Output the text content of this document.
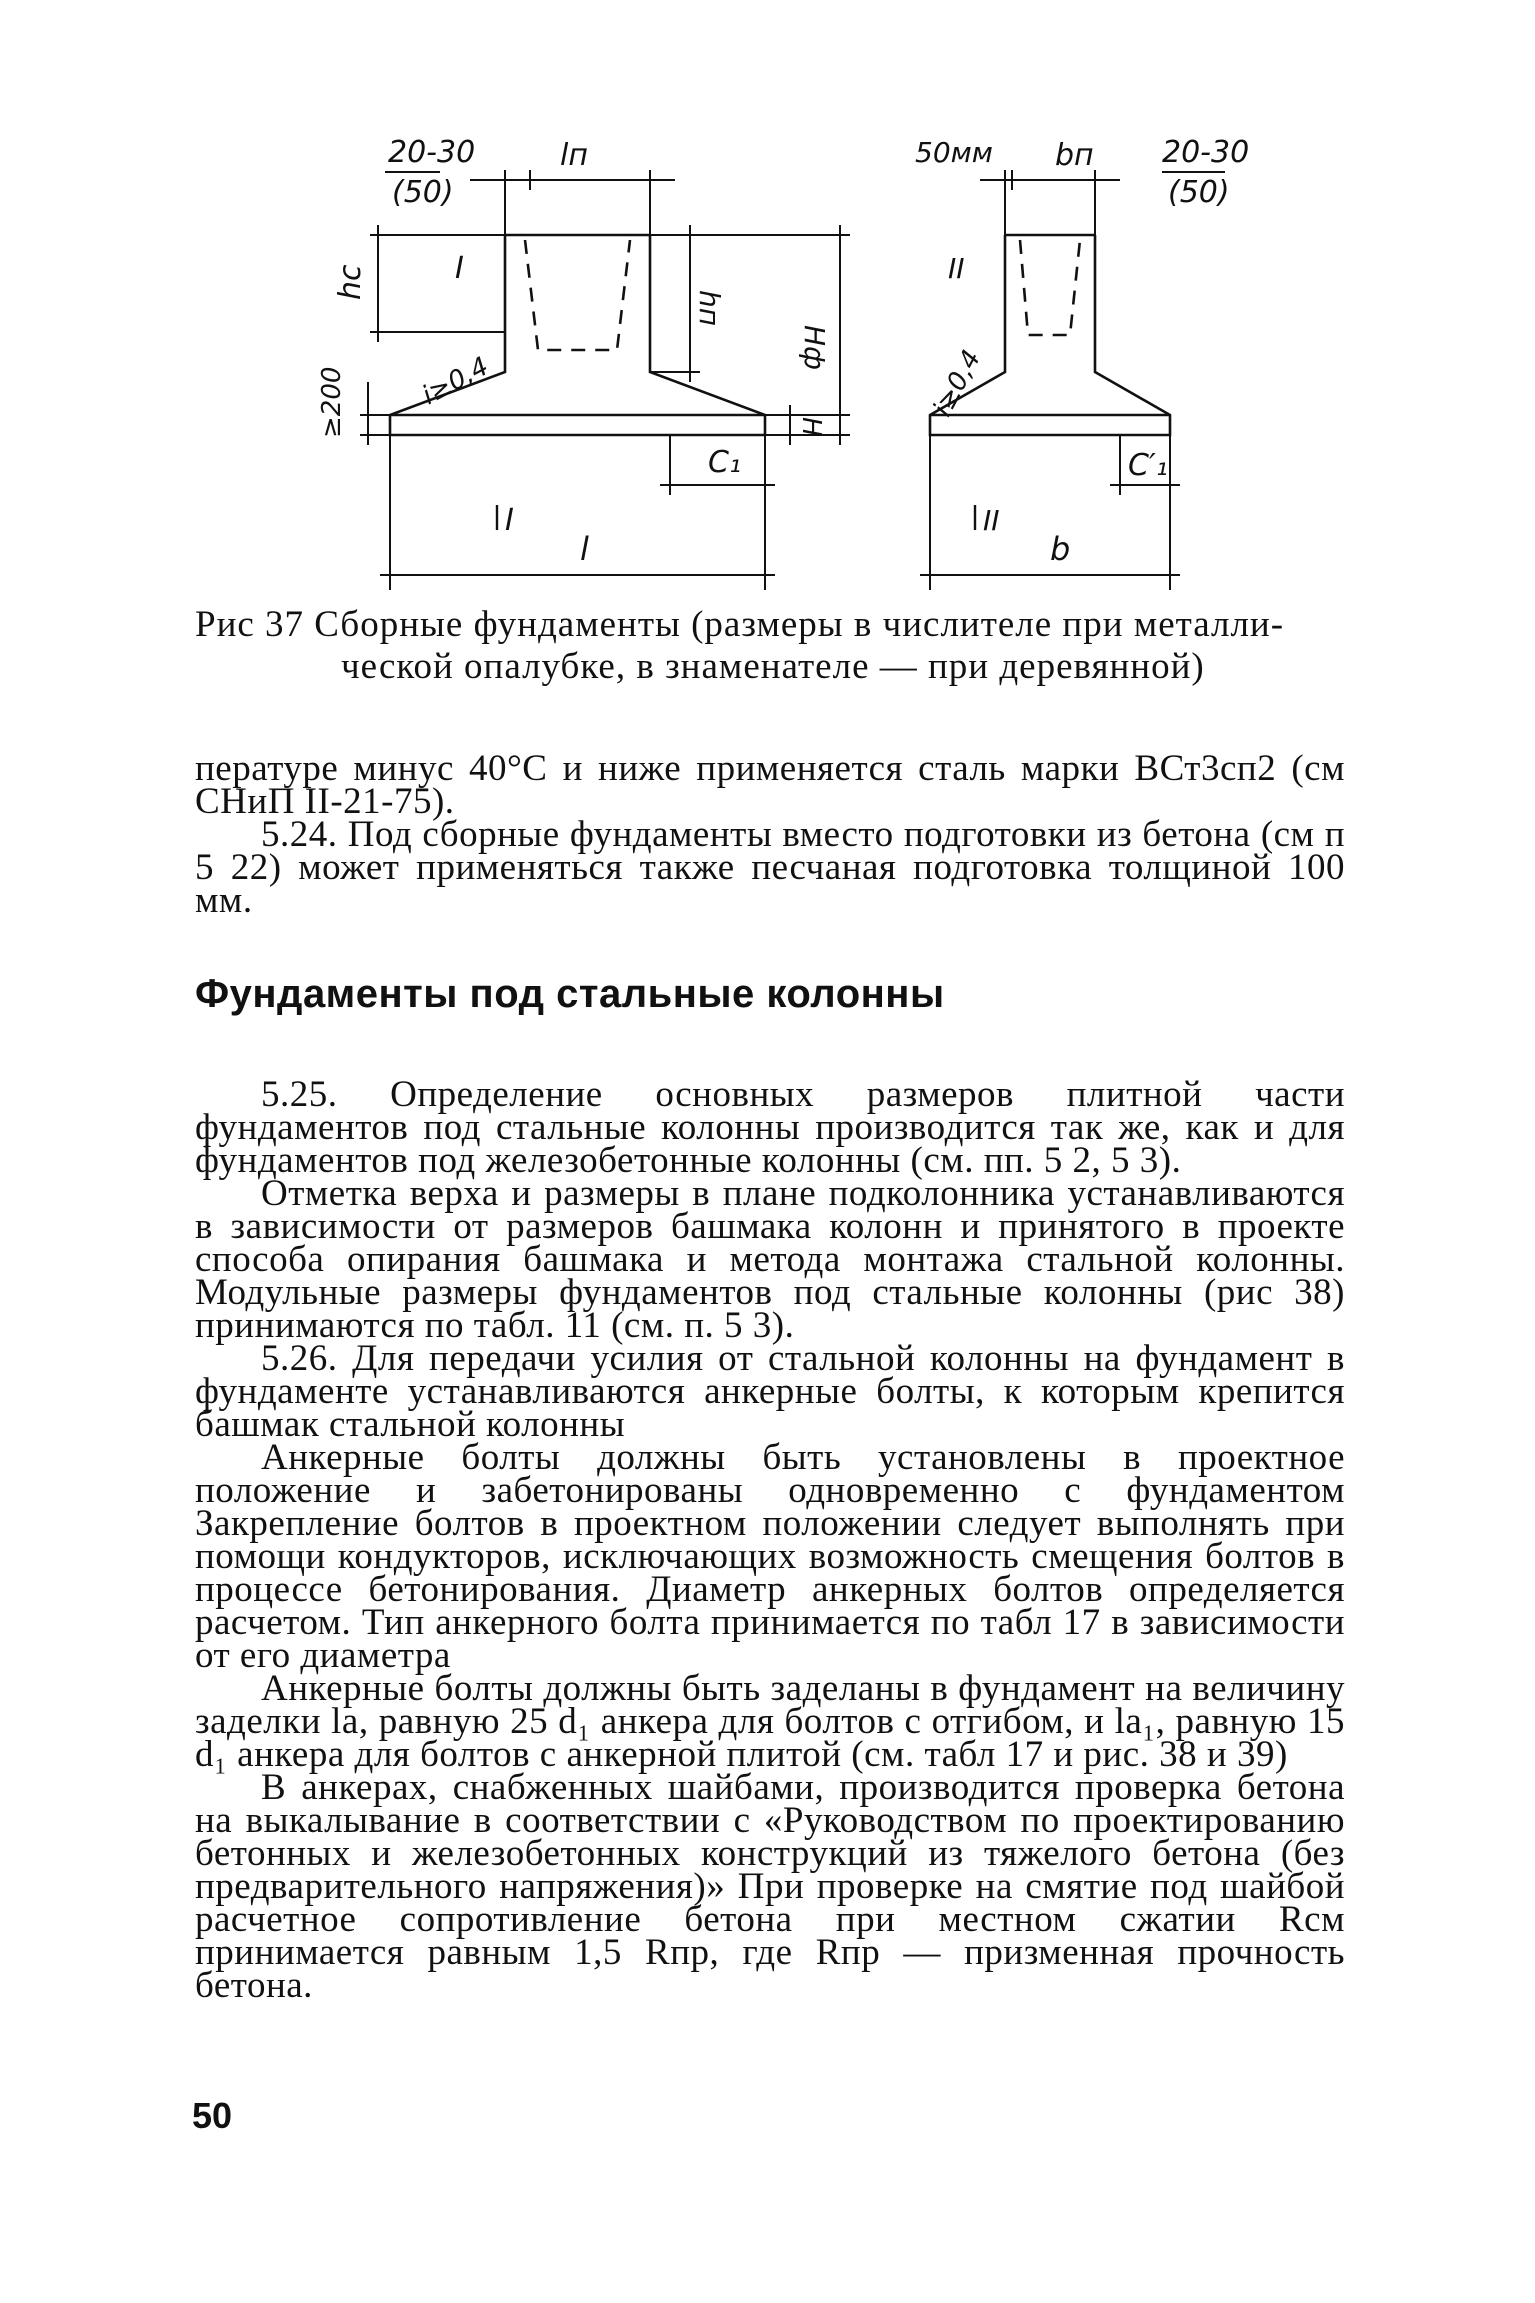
20-30
(50)
lп
hс	I
hп
Hф
i≥0,4
≥200	H
C₁
I
l
50мм bп 20-30
(50)
II
i≥0,4
C′₁
II
b
Рис 37 Сборные фундаменты (размеры в числителе при металли-
ческой опалубке, в знаменателе — при деревянной)

пературе минус 40°С и ниже применяется сталь марки ВСт3сп2 (см СНиП II-21-75).

5.24. Под сборные фундаменты вместо подготовки из бетона (см п 5 22) может применяться также песчаная подготовка толщиной 100 мм.

Фундаменты под стальные колонны

5.25. Определение основных размеров плитной части фундаментов под стальные колонны производится так же, как и для фундаментов под железобетонные колонны (см. пп. 5 2, 5 3).

Отметка верха и размеры в плане подколонника устанавливаются в зависимости от размеров башмака колонн и принятого в проекте способа опирания башмака и метода монтажа стальной колонны. Модульные размеры фундаментов под стальные колонны (рис 38) принимаются по табл. 11 (см. п. 5 3).

5.26. Для передачи усилия от стальной колонны на фундамент в фундаменте устанавливаются анкерные болты, к которым крепится башмак стальной колонны

Анкерные болты должны быть установлены в проектное положение и забетонированы одновременно с фундаментом Закрепление болтов в проектном положении следует выполнять при помощи кондукторов, исключающих возможность смещения болтов в процессе бетонирования. Диаметр анкерных болтов определяется расчетом. Тип анкерного болта принимается по табл 17 в зависимости от его диаметра

Анкерные болты должны быть заделаны в фундамент на величину заделки lа, равную 25 d₁ анкера для болтов с отгибом, и lа₁, равную 15 d₁ анкера для болтов с анкерной плитой (см. табл 17 и рис. 38 и 39)

В анкерах, снабженных шайбами, производится проверка бетона на выкалывание в соответствии с «Руководством по проектированию бетонных и железобетонных конструкций из тяжелого бетона (без предварительного напряжения)» При проверке на смятие под шайбой расчетное сопротивление бетона при местном сжатии Rсм принимается равным 1,5 Rпр, где Rпр — призменная прочность бетона.

50
